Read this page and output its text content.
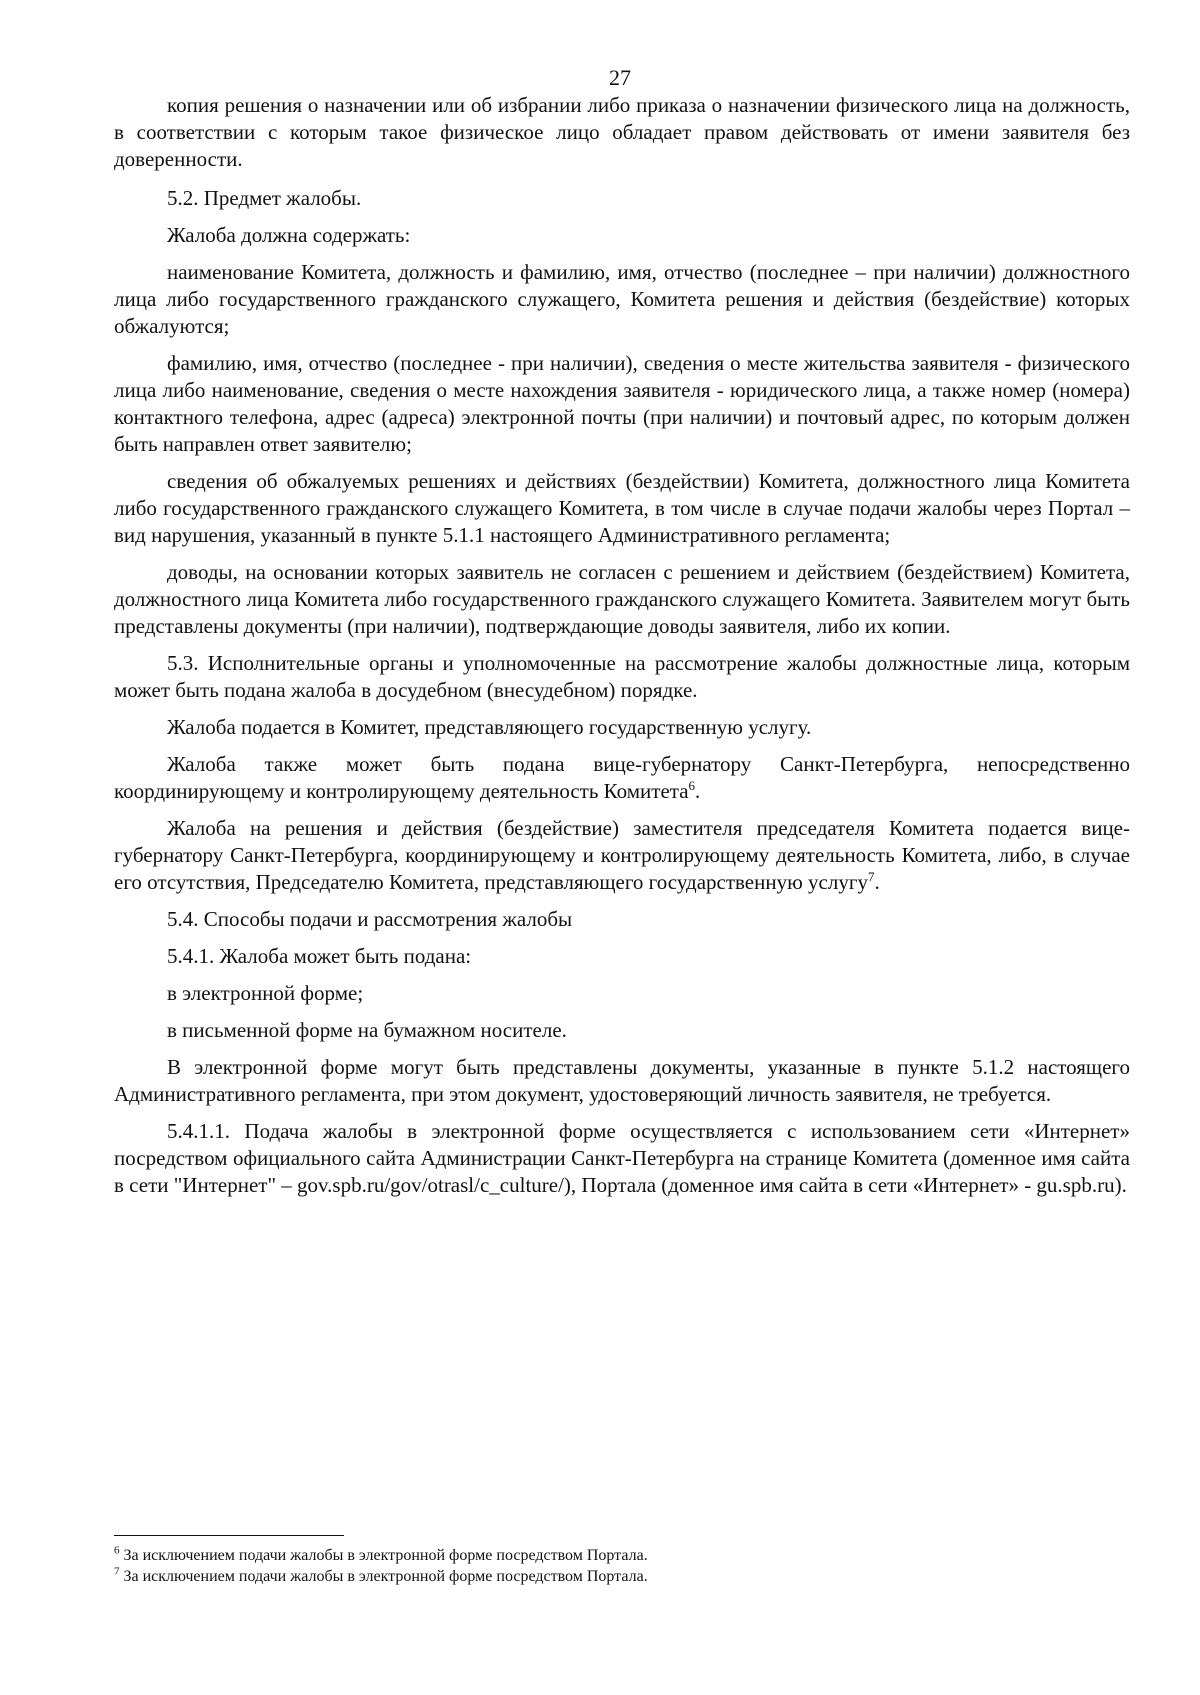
27

копия решения о назначении или об избрании либо приказа о назначении физического лица на должность, в соответствии с которым такое физическое лицо обладает правом действовать от имени заявителя без доверенности.

5.2. Предмет жалобы.

Жалоба должна содержать:

наименование Комитета, должность и фамилию, имя, отчество (последнее – при наличии) должностного лица либо государственного гражданского служащего, Комитета решения и действия (бездействие) которых обжалуются;

фамилию, имя, отчество (последнее - при наличии), сведения о месте жительства заявителя - физического лица либо наименование, сведения о месте нахождения заявителя - юридического лица, а также номер (номера) контактного телефона, адрес (адреса) электронной почты (при наличии) и почтовый адрес, по которым должен быть направлен ответ заявителю;

сведения об обжалуемых решениях и действиях (бездействии) Комитета, должностного лица Комитета либо государственного гражданского служащего Комитета, в том числе в случае подачи жалобы через Портал – вид нарушения, указанный в пункте 5.1.1 настоящего Административного регламента;

доводы, на основании которых заявитель не согласен с решением и действием (бездействием) Комитета, должностного лица Комитета либо государственного гражданского служащего Комитета. Заявителем могут быть представлены документы (при наличии), подтверждающие доводы заявителя, либо их копии.

5.3. Исполнительные органы и уполномоченные на рассмотрение жалобы должностные лица, которым может быть подана жалоба в досудебном (внесудебном) порядке.

Жалоба подается в Комитет, представляющего государственную услугу.

Жалоба также может быть подана вице-губернатору Санкт-Петербурга, непосредственно координирующему и контролирующему деятельность Комитета$^6$.

Жалоба на решения и действия (бездействие) заместителя председателя Комитета подается вице-губернатору Санкт-Петербурга, координирующему и контролирующему деятельность Комитета, либо, в случае его отсутствия, Председателю Комитета, представляющего государственную услугу$^7$.

5.4. Способы подачи и рассмотрения жалобы

5.4.1. Жалоба может быть подана:

в электронной форме;

в письменной форме на бумажном носителе.

В электронной форме могут быть представлены документы, указанные в пункте 5.1.2 настоящего Административного регламента, при этом документ, удостоверяющий личность заявителя, не требуется.

5.4.1.1. Подача жалобы в электронной форме осуществляется с использованием сети «Интернет» посредством официального сайта Администрации Санкт-Петербурга на странице Комитета (доменное имя сайта в сети "Интернет" – gov.spb.ru/gov/otrasl/c_culture/), Портала (доменное имя сайта в сети «Интернет» - gu.spb.ru).

$^6$ За исключением подачи жалобы в электронной форме посредством Портала.

$^7$ За исключением подачи жалобы в электронной форме посредством Портала.
